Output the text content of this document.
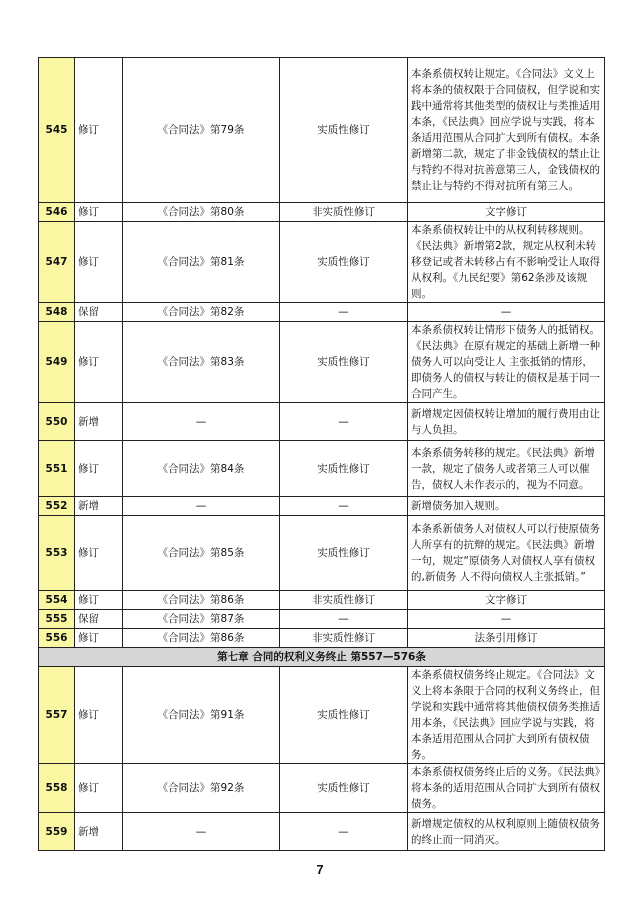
545	修订	《合同法》第79条	实质性修订	本条系债权转让规定。《合同法》文义上将本条的债权限于合同债权，但学说和实践中通常将其他类型的债权让与类推适用本条，《民法典》回应学说与实践，将本条适用范围从合同扩大到所有债权。本条新增第二款，规定了非金钱债权的禁止让与特约不得对抗善意第三人，金钱债权的禁止让与特约不得对抗所有第三人。
546	修订	《合同法》第80条	非实质性修订	文字修订
547	修订	《合同法》第81条	实质性修订	本条系债权转让中的从权利转移规则。《民法典》新增第2款，规定从权利未转移登记或者未转移占有不影响受让人取得从权利。《九民纪要》第62条涉及该规则。
548	保留	《合同法》第82条	—	—
549	修订	《合同法》第83条	实质性修订	本条系债权转让情形下债务人的抵销权。《民法典》在原有规定的基础上新增一种债务人可以向受让人 主张抵销的情形，即债务人的债权与转让的债权是基于同一合同产生。
550	新增	—	—	新增规定因债权转让增加的履行费用由让与人负担。
551	修订	《合同法》第84条	实质性修订	本条系债务转移的规定。《民法典》新增一款，规定了债务人或者第三人可以催告，债权人未作表示的，视为不同意。
552	新增	—	—	新增债务加入规则。
553	修订	《合同法》第85条	实质性修订	本条系新债务人对债权人可以行使原债务人所享有的抗辩的规定。《民法典》新增一句，规定“原债务人对债权人享有债权的,新债务 人不得向债权人主张抵销。”
554	修订	《合同法》第86条	非实质性修订	文字修订
555	保留	《合同法》第87条	—	—
556	修订	《合同法》第86条	非实质性修订	法条引用修订
第七章 合同的权利义务终止 第557—576条				
557	修订	《合同法》第91条	实质性修订	本条系债权债务终止规定。《合同法》文义上将本条限于合同的权利义务终止，但学说和实践中通常将其他债权债务类推适用本条，《民法典》回应学说与实践，将本条适用范围从合同扩大到所有债权债务。
558	修订	《合同法》第92条	实质性修订	本条系债权债务终止后的义务。《民法典》将本条的适用范围从合同扩大到所有债权债务。
559	新增	—	—	新增规定债权的从权利原则上随债权债务的终止而一同消灭。
7
